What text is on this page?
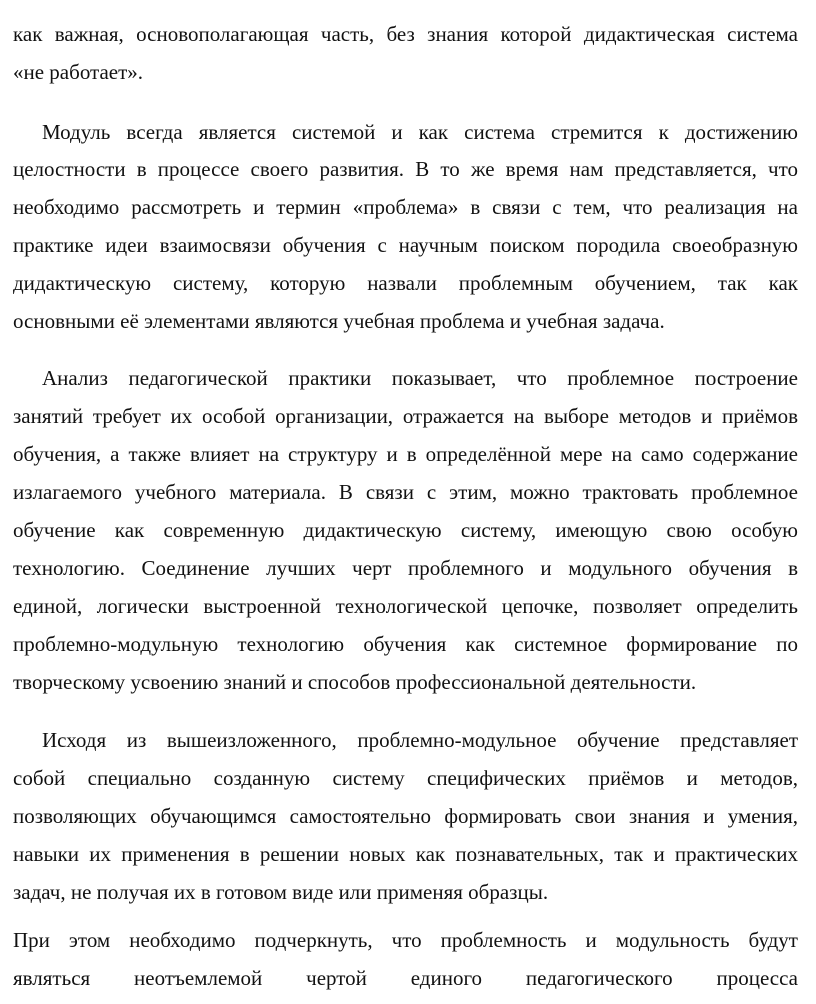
как важная, основополагающая часть, без знания которой дидактическая система
«не работает».
Модуль всегда является системой и как система стремится к достижению
целостности в процессе своего развития. В то же время нам представляется, что
необходимо рассмотреть и термин «проблема» в связи с тем, что реализация на
практике идеи взаимосвязи обучения с научным поиском породила своеобразную
дидактическую систему, которую назвали проблемным обучением, так как
основными её элементами являются учебная проблема и учебная задача.
Анализ педагогической практики показывает, что проблемное построение
занятий требует их особой организации, отражается на выборе методов и приёмов
обучения, а также влияет на структуру и в определённой мере на само содержание
излагаемого учебного материала. В связи с этим, можно трактовать проблемное
обучение как современную дидактическую систему, имеющую свою особую
технологию. Соединение лучших черт проблемного и модульного обучения в
единой, логически выстроенной технологической цепочке, позволяет определить
проблемно-модульную технологию обучения как системное формирование по
творческому усвоению знаний и способов профессиональной деятельности.
Исходя из вышеизложенного, проблемно-модульное обучение представляет
собой специально созданную систему специфических приёмов и методов,
позволяющих обучающимся самостоятельно формировать свои знания и умения,
навыки их применения в решении новых как познавательных, так и практических
задач, не получая их в готовом виде или применяя образцы.
При этом необходимо подчеркнуть, что проблемность и модульность будут
являться неотъемлемой чертой единого педагогического процесса
